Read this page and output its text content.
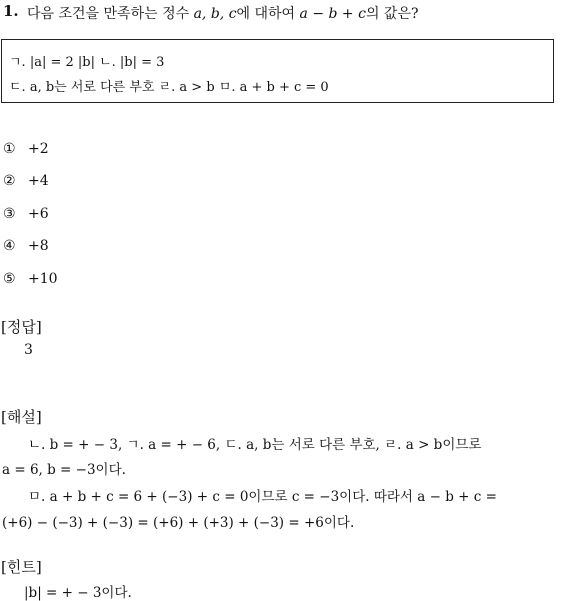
1. 다음 조건을 만족하는 정수 a, b, c에 대하여 a − b + c의 값은?
ㄱ. |a| = 2 |b| ㄴ. |b| = 3
ㄷ. a, b는 서로 다른 부호 ㄹ. a > b ㅁ. a + b + c = 0
① +2
② +4
③ +6
④ +8
⑤ +10
[정답]
3
[해설]
ㄴ. b = + − 3, ㄱ. a = + − 6, ㄷ. a, b는 서로 다른 부호, ㄹ. a > b이므로
a = 6, b = −3이다.
ㅁ. a + b + c = 6 + (−3) + c = 0이므로 c = −3이다. 따라서 a − b + c =
(+6) − (−3) + (−3) = (+6) + (+3) + (−3) = +6이다.
[힌트]
|b| = + − 3이다.
